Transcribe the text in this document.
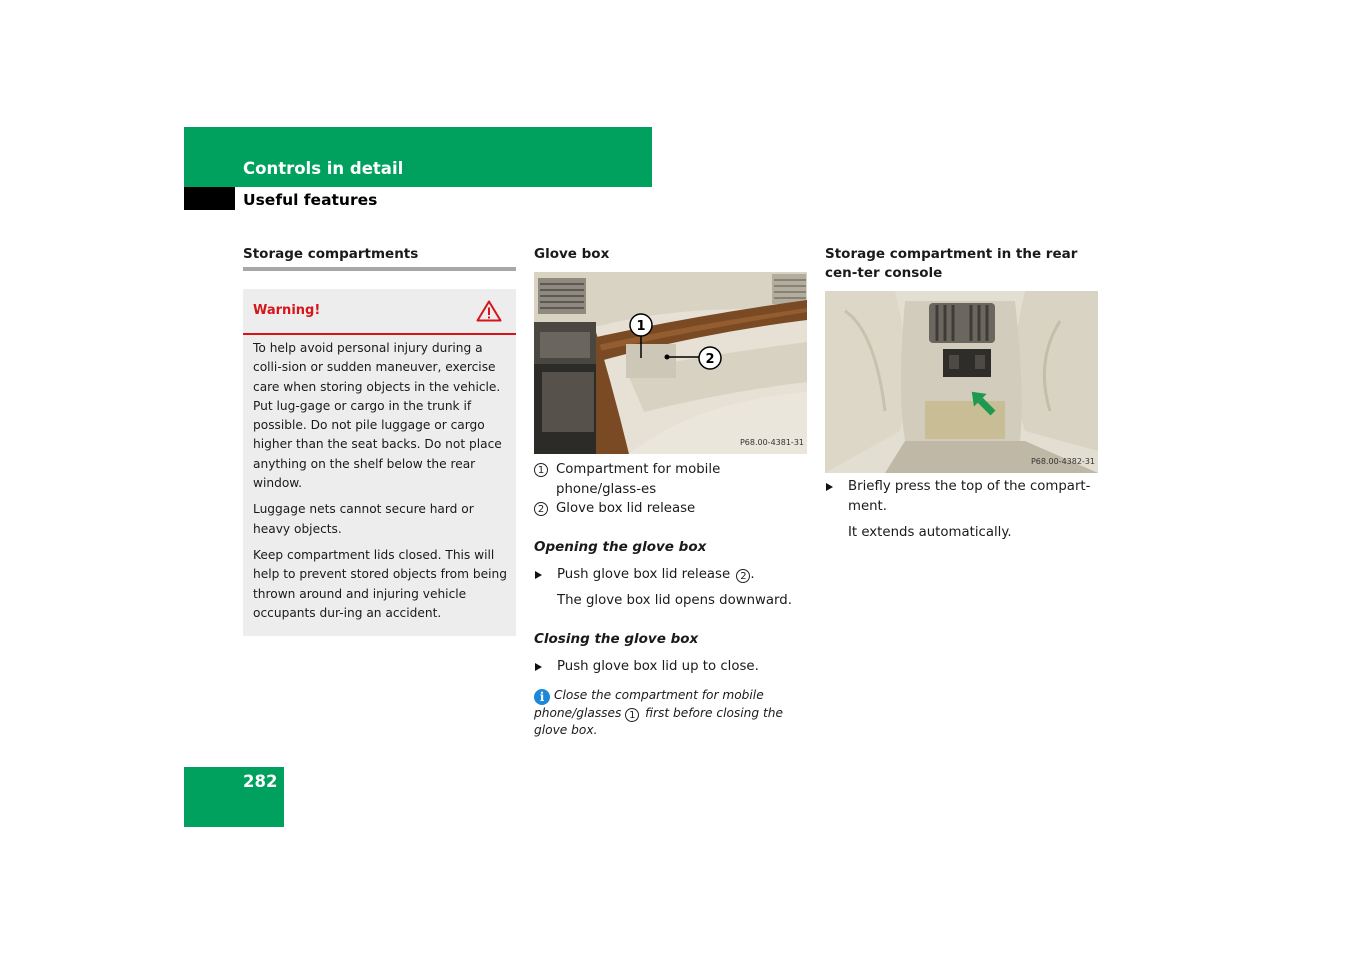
Controls in detail
Useful features
Storage compartments
Warning!

To help avoid personal injury during a colli-sion or sudden maneuver, exercise care when storing objects in the vehicle. Put lug-gage or cargo in the trunk if possible. Do not pile luggage or cargo higher than the seat backs. Do not place anything on the shelf below the rear window.

Luggage nets cannot secure hard or heavy objects.

Keep compartment lids closed. This will help to prevent stored objects from being thrown around and injuring vehicle occupants dur-ing an accident.

Glove box
1
2
P68.00-4381-31
1 Compartment for mobile phone/glass-es
2 Glove box lid release
Opening the glove box
Push glove box lid release 2 .
The glove box lid opens downward.
Closing the glove box
Push glove box lid up to close.
i Close the compartment for mobile phone/glasses 1 first before closing the glove box.
Storage compartment in the rear cen-ter console
P68.00-4382-31
Briefly press the top of the compart-ment.
It extends automatically.
282
